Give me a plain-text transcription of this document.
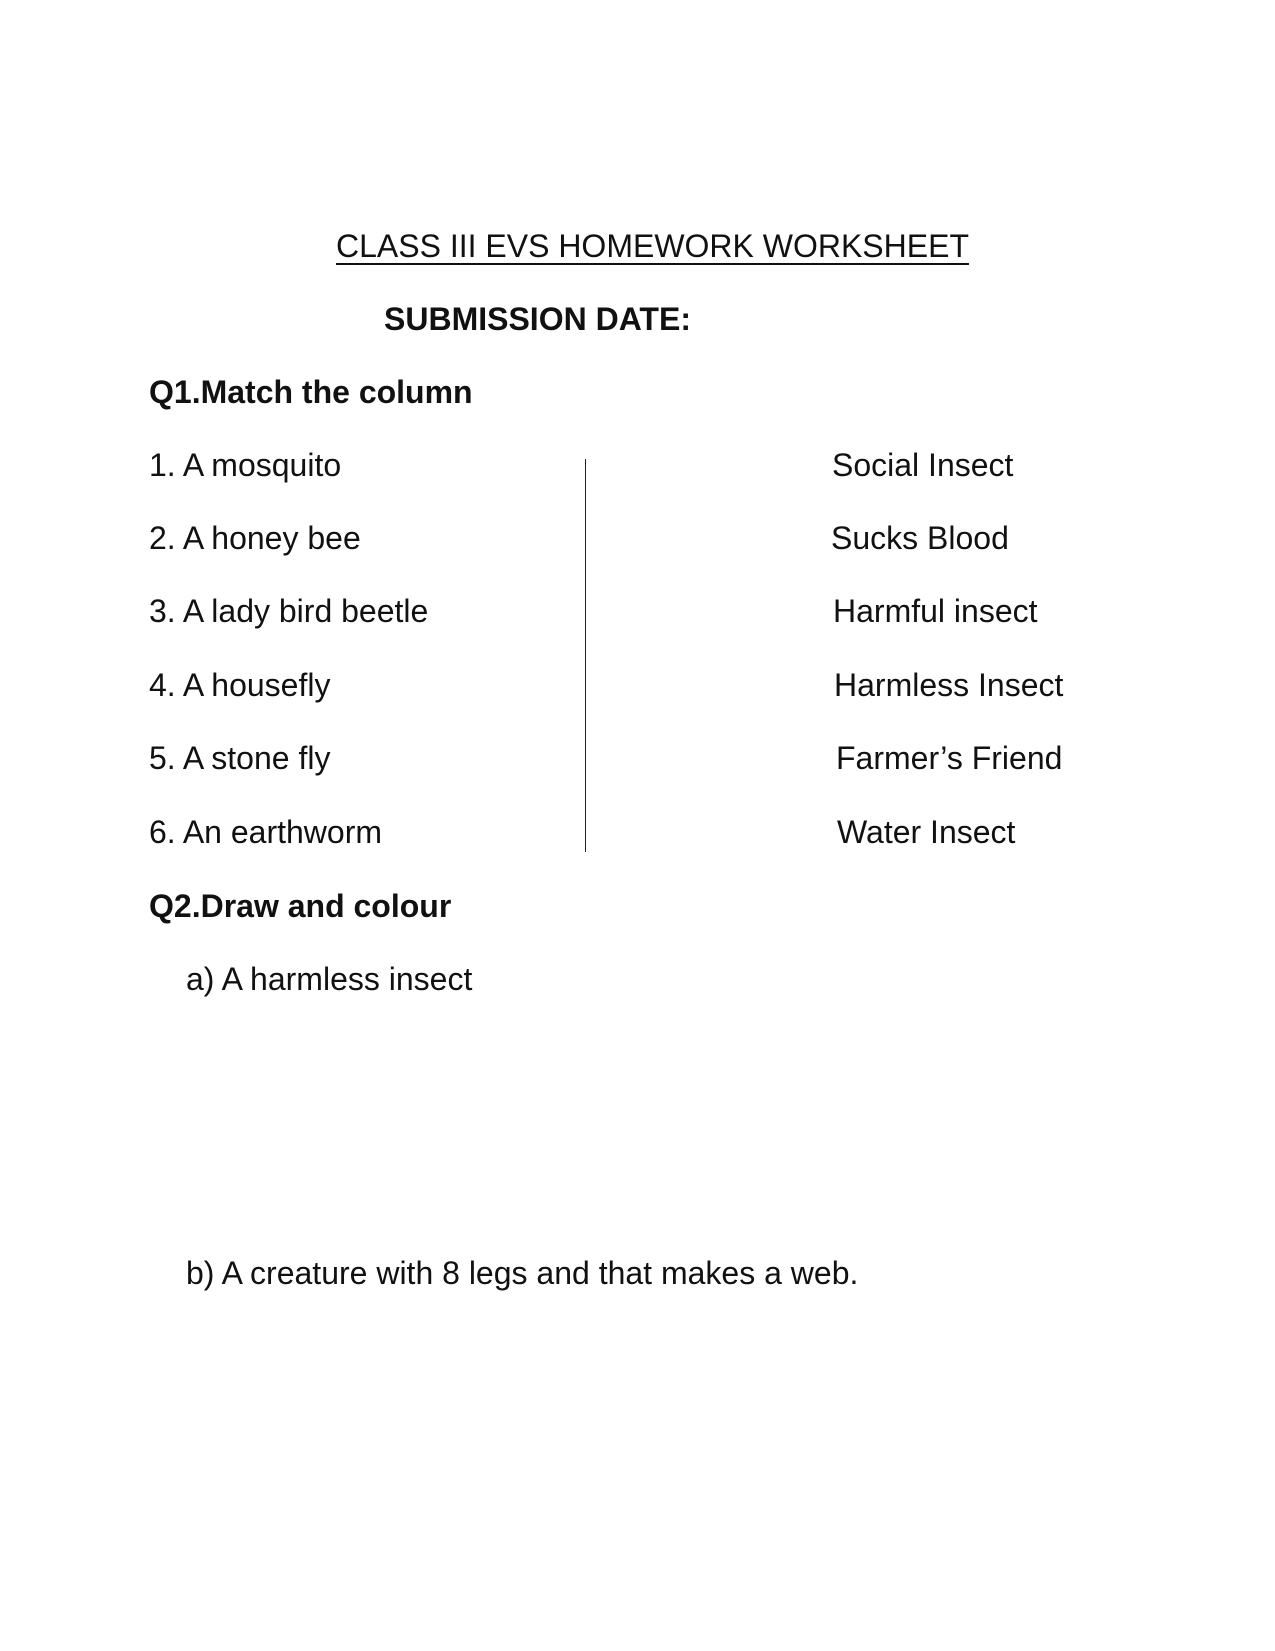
CLASS III EVS HOMEWORK WORKSHEET
SUBMISSION DATE:
Q1.Match the column
1. A mosquito
2. A honey bee
3. A lady bird beetle
4. A housefly
5. A stone fly
6. An earthworm
Social Insect
Sucks Blood
Harmful insect
Harmless Insect
Farmer’s Friend
Water Insect
Q2.Draw and colour
a) A harmless insect
b) A creature with 8 legs and that makes a web.
